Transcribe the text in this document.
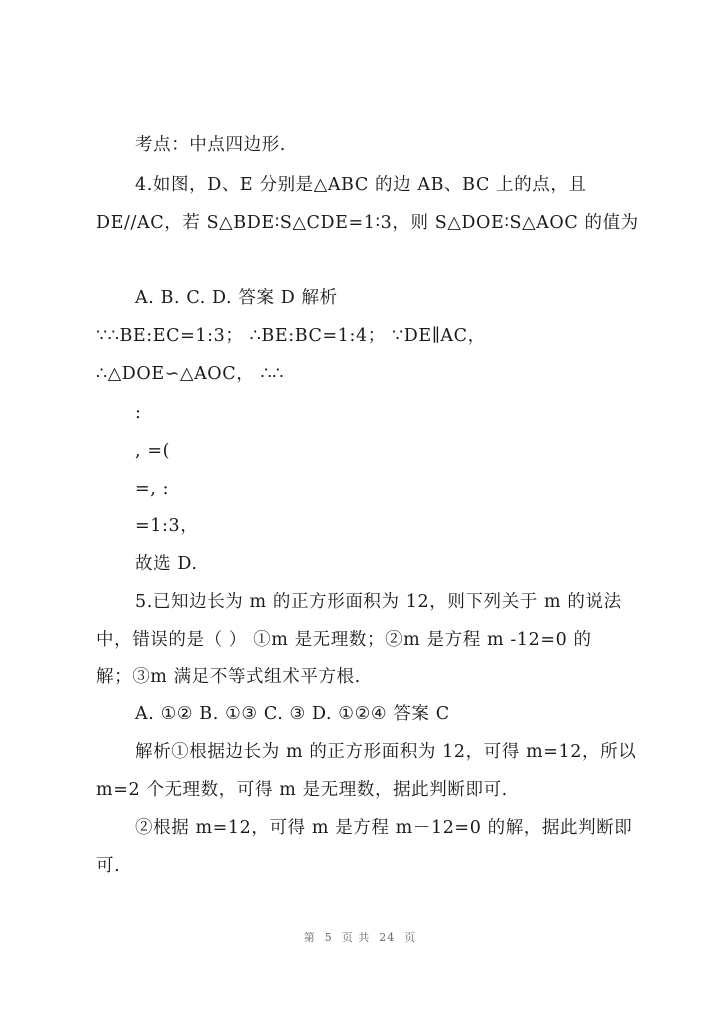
考点：中点四边形.
4.如图，D、E 分别是△ABC 的边 AB、BC 上的点，且
DE//AC，若 S△BDE∶S△CDE=1∶3，则 S△DOE∶S△AOC 的值为
A. B. C. D. 答案 D 解析
∵∴BE:EC=1:3； ∴BE:BC=1:4； ∵DE∥AC，
∴△DOE∽△AOC， ∴∴
:
, =(
=, :
=1:3，
故选 D.
5.已知边长为 m 的正方形面积为 12，则下列关于 m 的说法
中，错误的是（ ） ①m 是无理数；②m 是方程 m -12=0 的
解；③m 满足不等式组术平方根.
A. ①② B. ①③ C. ③ D. ①②④ 答案 C
解析①根据边长为 m 的正方形面积为 12，可得 m=12，所以
m=2 个无理数，可得 m 是无理数，据此判断即可.
②根据 m=12，可得 m 是方程 m－12=0 的解，据此判断即
可.
第  5  页 共  24  页
